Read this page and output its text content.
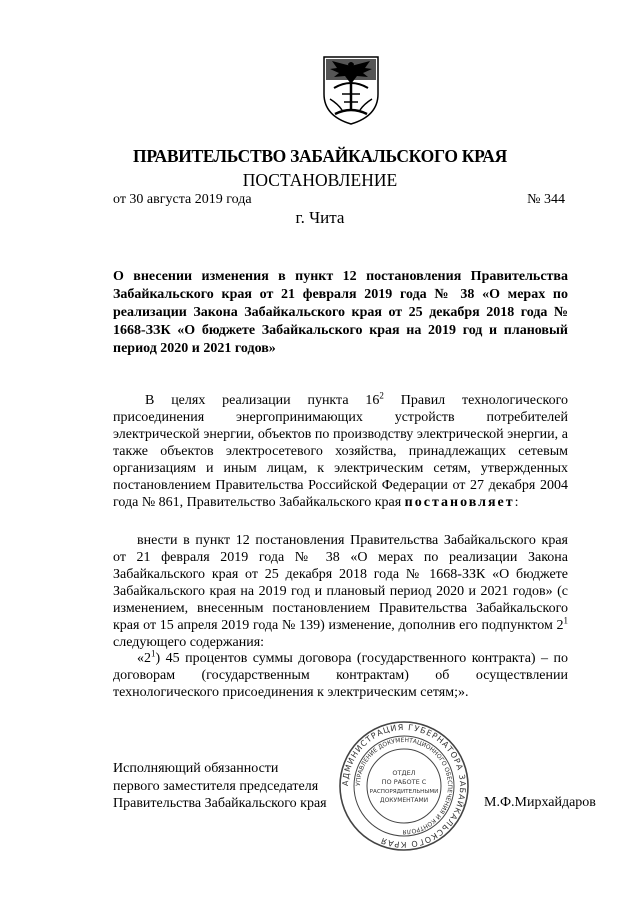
ПРАВИТЕЛЬСТВО ЗАБАЙКАЛЬСКОГО КРАЯ
ПОСТАНОВЛЕНИЕ
от 30 августа 2019 года	№ 344
г. Чита
О внесении изменения в пункт 12 постановления Правительства Забайкальского края от 21 февраля 2019 года № 38 «О мерах по реализации Закона Забайкальского края от 25 декабря 2018 года № 1668-ЗЗК «О бюджете Забайкальского края на 2019 год и плановый период 2020 и 2021 годов»
В целях реализации пункта $16^2$ Правил технологического присоединения энергопринимающих устройств потребителей электрической энергии, объектов по производству электрической энергии, а также объектов электросетевого хозяйства, принадлежащих сетевым организациям и иным лицам, к электрическим сетям, утвержденных постановлением Правительства Российской Федерации от 27 декабря 2004 года № 861, Правительство Забайкальского края постановляет:
внести в пункт 12 постановления Правительства Забайкальского края от 21 февраля 2019 года № 38 «О мерах по реализации Закона Забайкальского края от 25 декабря 2018 года № 1668-ЗЗК «О бюджете Забайкальского края на 2019 год и плановый период 2020 и 2021 годов» (с изменением, внесенным постановлением Правительства Забайкальского края от 15 апреля 2019 года № 139) изменение, дополнив его подпунктом $2^1$ следующего содержания:
«$2^1$) 45 процентов суммы договора (государственного контракта) – по договорам (государственным контрактам) об осуществлении технологического присоединения к электрическим сетям;».
Исполняющий обязанности
первого заместителя председателя
Правительства Забайкальского края
АДМИНИСТРАЦИЯ ГУБЕРНАТОРА ЗАБАЙКАЛЬСКОГО КРАЯ
УПРАВЛЕНИЕ ДОКУМЕНТАЦИОННОГО ОБЕСПЕЧЕНИЯ И КОНТРОЛЯ
ОТДЕЛ
ПО РАБОТЕ С
РАСПОРЯДИТЕЛЬНЫМИ
ДОКУМЕНТАМИ	М.Ф.Мирхайдаров
